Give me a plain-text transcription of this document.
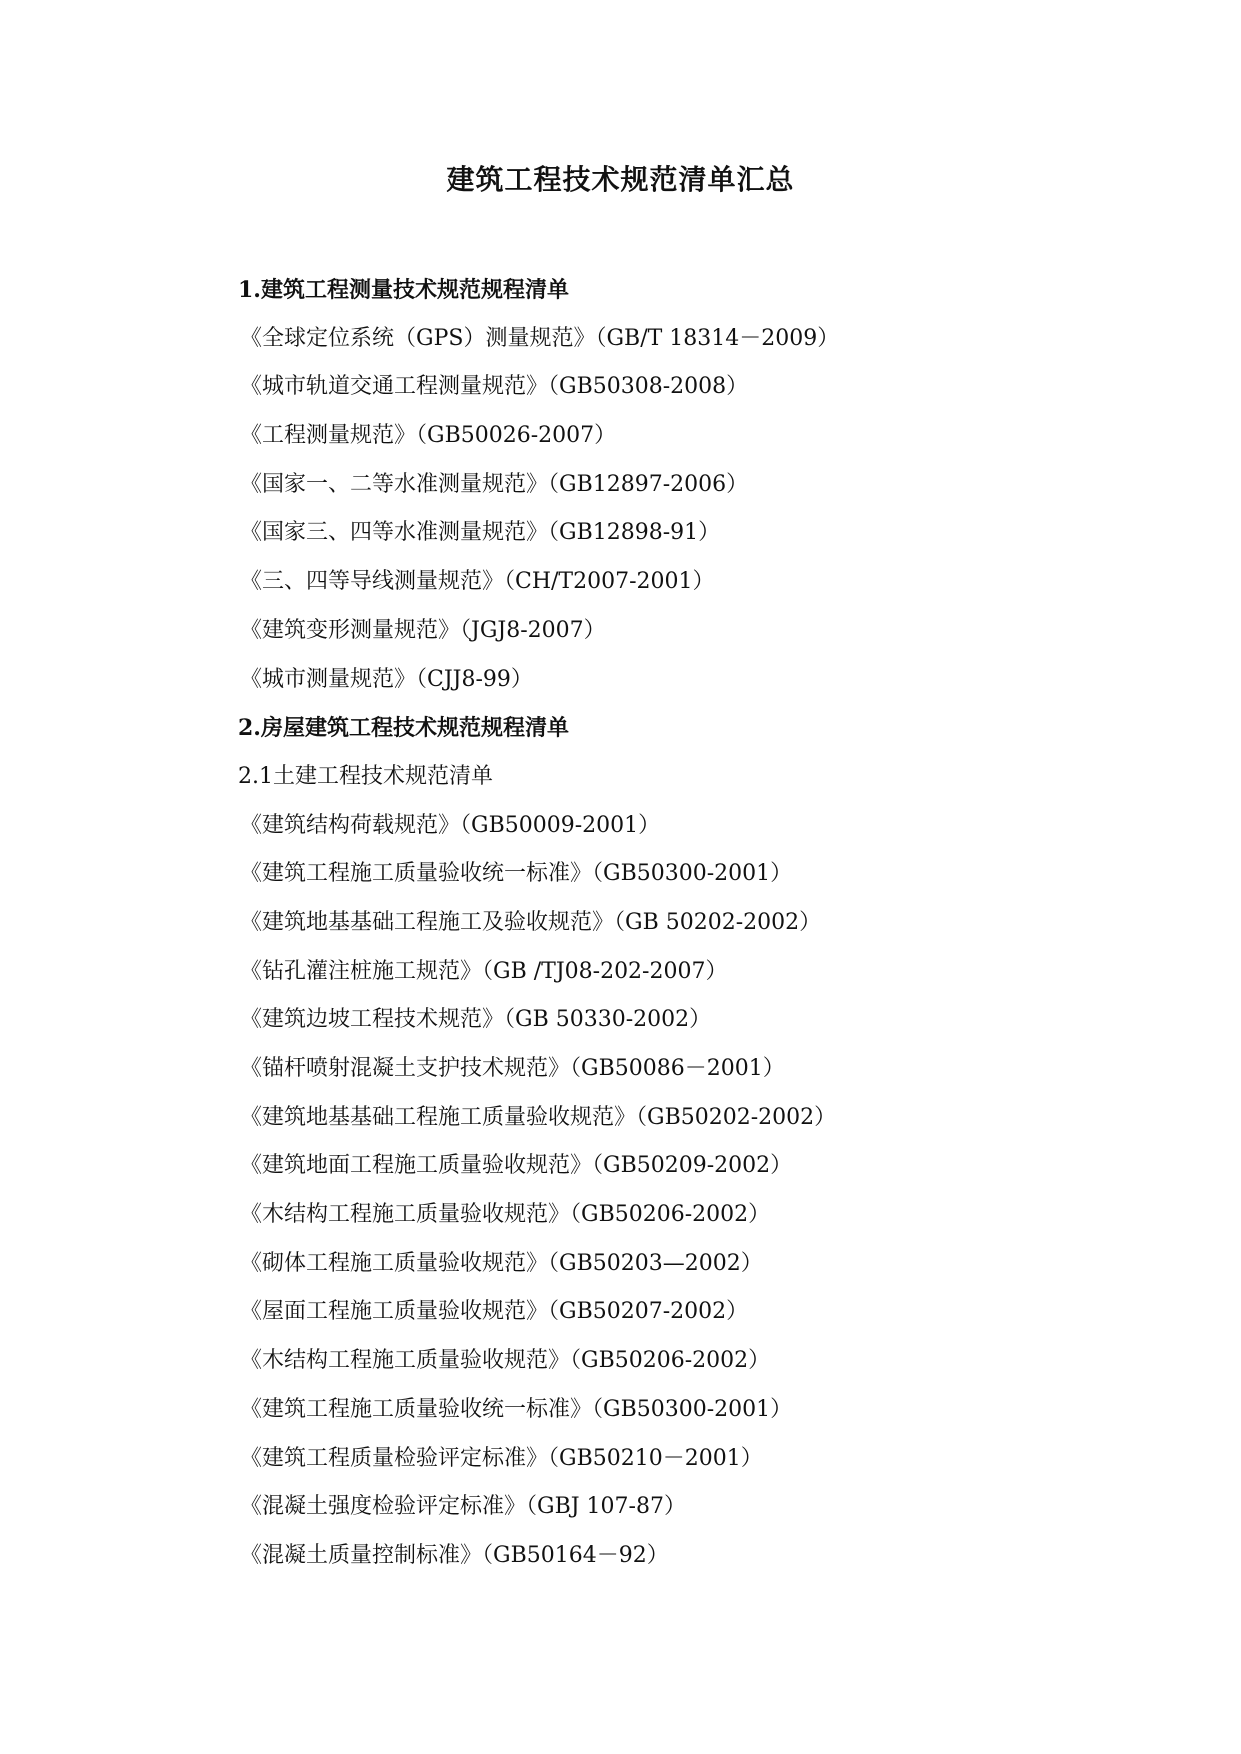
建筑工程技术规范清单汇总
1.建筑工程测量技术规范规程清单
《全球定位系统（GPS）测量规范》（GB/T 18314－2009）
《城市轨道交通工程测量规范》（GB50308-2008）
《工程测量规范》（GB50026-2007）
《国家一、二等水准测量规范》（GB12897-2006）
《国家三、四等水准测量规范》（GB12898-91）
《三、四等导线测量规范》（CH/T2007-2001）
《建筑变形测量规范》（JGJ8-2007）
《城市测量规范》（CJJ8-99）
2.房屋建筑工程技术规范规程清单
2.1土建工程技术规范清单
《建筑结构荷载规范》（GB50009-2001）
《建筑工程施工质量验收统一标准》（GB50300-2001）
《建筑地基基础工程施工及验收规范》（GB 50202-2002）
《钻孔灌注桩施工规范》（GB /TJ08-202-2007）
《建筑边坡工程技术规范》（GB 50330-2002）
《锚杆喷射混凝土支护技术规范》（GB50086－2001）
《建筑地基基础工程施工质量验收规范》（GB50202-2002）
《建筑地面工程施工质量验收规范》（GB50209-2002）
《木结构工程施工质量验收规范》（GB50206-2002）
《砌体工程施工质量验收规范》（GB50203—2002）
《屋面工程施工质量验收规范》（GB50207-2002）
《木结构工程施工质量验收规范》（GB50206-2002）
《建筑工程施工质量验收统一标准》（GB50300-2001）
《建筑工程质量检验评定标准》（GB50210－2001）
《混凝土强度检验评定标准》（GBJ 107-87）
《混凝土质量控制标准》（GB50164－92）
